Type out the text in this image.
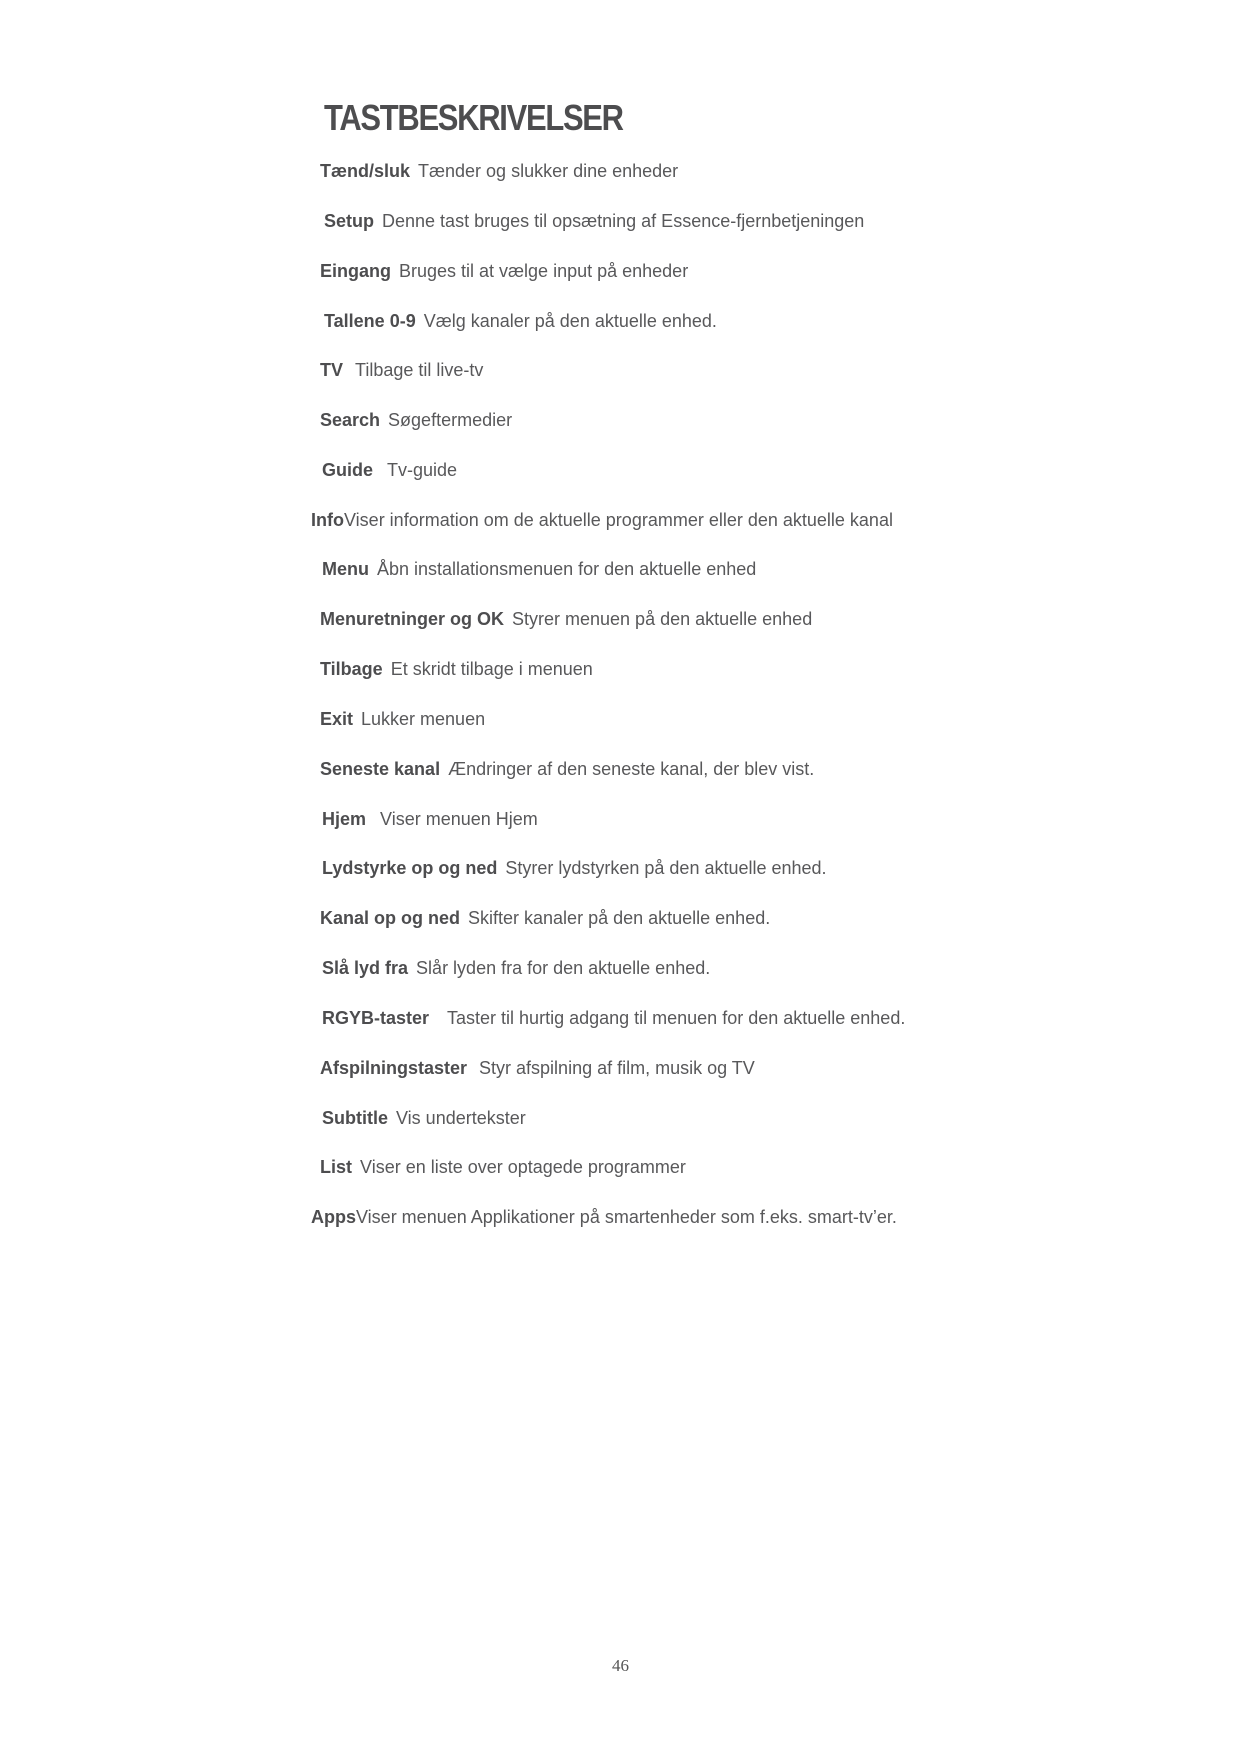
TASTBESKRIVELSER
Tænd/sluk Tænder og slukker dine enheder
Setup Denne tast bruges til opsætning af Essence-fjernbetjeningen
Eingang Bruges til at vælge input på enheder
Tallene 0-9 Vælg kanaler på den aktuelle enhed.
TV Tilbage til live-tv
Search Søgeftermedier
Guide Tv-guide
InfoViser information om de aktuelle programmer eller den aktuelle kanal
Menu Åbn installationsmenuen for den aktuelle enhed
Menuretninger og OK Styrer menuen på den aktuelle enhed
Tilbage Et skridt tilbage i menuen
Exit Lukker menuen
Seneste kanal Ændringer af den seneste kanal, der blev vist.
Hjem Viser menuen Hjem
Lydstyrke op og ned Styrer lydstyrken på den aktuelle enhed.
Kanal op og ned Skifter kanaler på den aktuelle enhed.
Slå lyd fra Slår lyden fra for den aktuelle enhed.
RGYB-taster Taster til hurtig adgang til menuen for den aktuelle enhed.
Afspilningstaster Styr afspilning af film, musik og TV
Subtitle Vis undertekster
List Viser en liste over optagede programmer
AppsViser menuen Applikationer på smartenheder som f.eks. smart-tv’er.
46
